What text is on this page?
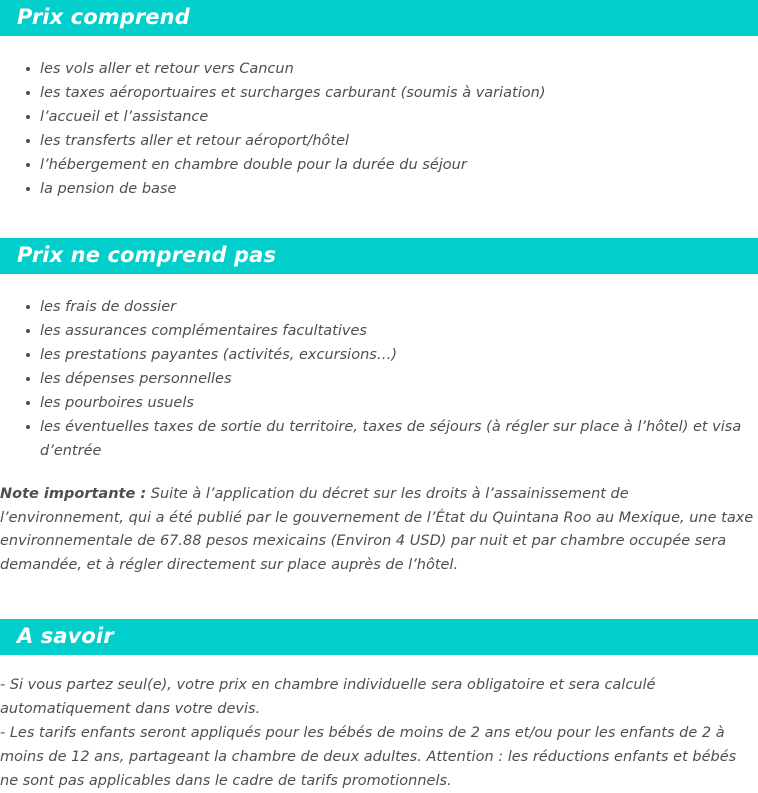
Prix comprend
les vols aller et retour vers Cancun
les taxes aéroportuaires et surcharges carburant (soumis à variation)
l’accueil et l’assistance
les transferts aller et retour aéroport/hôtel
l’hébergement en chambre double pour la durée du séjour
la pension de base
Prix ne comprend pas
les frais de dossier
les assurances complémentaires facultatives
les prestations payantes (activités, excursions…)
les dépenses personnelles
les pourboires usuels
les éventuelles taxes de sortie du territoire, taxes de séjours (à régler sur place à l’hôtel) et visa d’entrée

Note importante : Suite à l’application du décret sur les droits à l’assainissement de l’environnement, qui a été publié par le gouvernement de l’État du Quintana Roo au Mexique, une taxe environnementale de 67.88 pesos mexicains (Environ 4 USD) par nuit et par chambre occupée sera demandée, et à régler directement sur place auprès de l’hôtel.

A savoir

- Si vous partez seul(e), votre prix en chambre individuelle sera obligatoire et sera calculé automatiquement dans votre devis.

- Les tarifs enfants seront appliqués pour les bébés de moins de 2 ans et/ou pour les enfants de 2 à moins de 12 ans, partageant la chambre de deux adultes. Attention : les réductions enfants et bébés ne sont pas applicables dans le cadre de tarifs promotionnels.
